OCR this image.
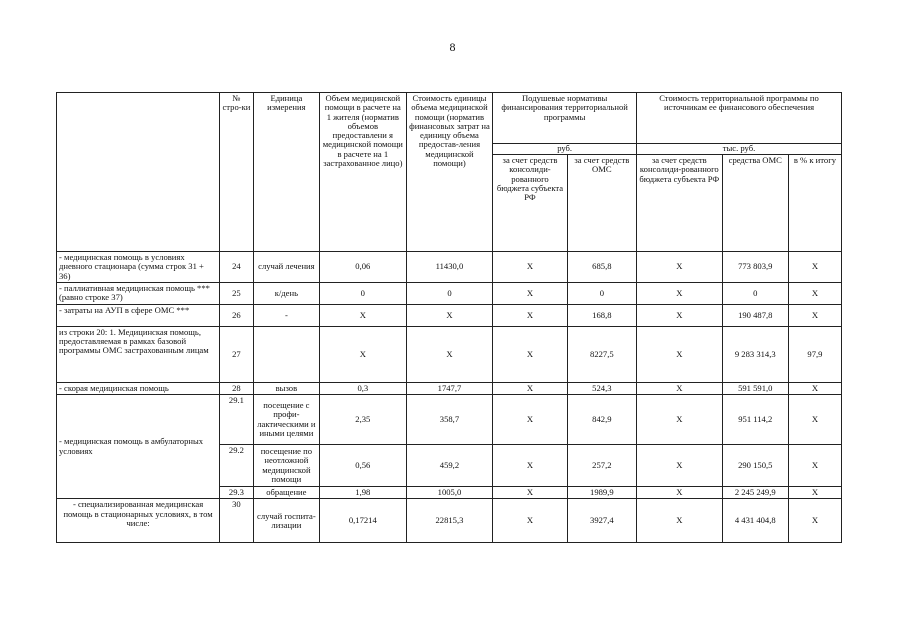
8
	№ стро-ки	Единица измерения	Объем медицинской помощи в расчете на 1 жителя (норматив объемов предоставлени я медицинской помощи в расчете на 1 застрахованное лицо)	Стоимость единицы объема медицинской помощи (норматив финансовых затрат на единицу объема предостав-ления медицинской помощи)	Подушевые нормативы финансирования территориальной программы		Стоимость территориальной программы по источникам ее финансового обеспечения		
					руб.		тыс. руб.		
					за счет средств консолиди-рованного бюджета субъекта РФ	за счет средств ОМС	за счет средств консолиди-рованного бюджета субъекта РФ	средства ОМС	в % к итогу
- медицинская помощь в условиях дневного стационара (сумма строк 31 + 36)	24	случай лечения	0,06	11430,0	X	685,8	X	773 803,9	X
- паллиативная медицинская помощь *** (равно строке 37)	25	к/день	0	0	X	0	X	0	X
- затраты на АУП в сфере ОМС ***	26	-	X	X	X	168,8	X	190 487,8	X
из строки 20: 1. Медицинская помощь, предоставляемая в рамках базовой программы ОМС застрахованным лицам	27		X	X	X	8227,5	X	9 283 314,3	97,9
- скорая медицинская помощь	28	вызов	0,3	1747,7	X	524,3	X	591 591,0	X
- медицинская помощь в амбулаторных условиях	29.1	посещение с профи-лактическими и иными целями	2,35	358,7	X	842,9	X	951 114,2	X
	29.2	посещение по неотложной медицинской помощи	0,56	459,2	X	257,2	X	290 150,5	X
	29.3	обращение	1,98	1005,0	X	1989,9	X	2 245 249,9	X
- специализированная медицинская помощь в стационарных условиях, в том числе:	30	случай госпита-лизации	0,17214	22815,3	X	3927,4	X	4 431 404,8	X
